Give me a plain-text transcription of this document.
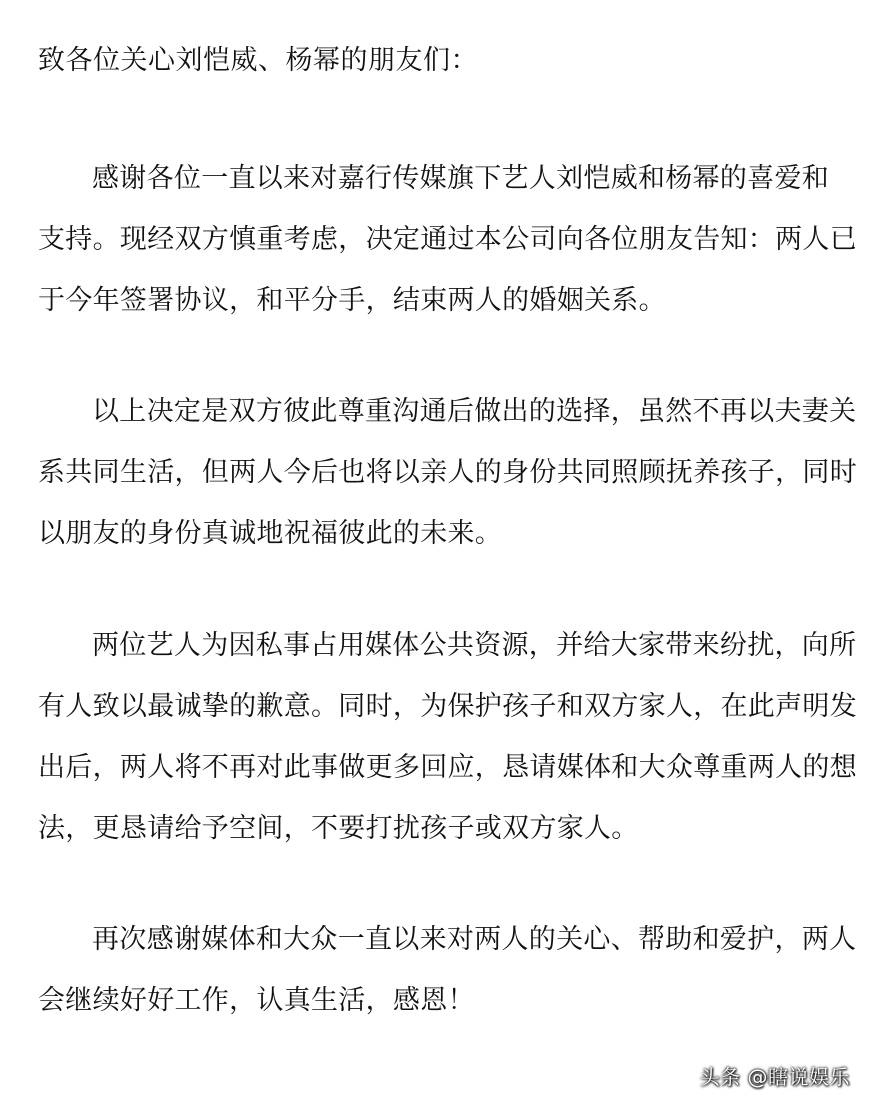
致各位关心刘恺威、杨幂的朋友们：
感谢各位一直以来对嘉行传媒旗下艺人刘恺威和杨幂的喜爱和
支持。现经双方慎重考虑，决定通过本公司向各位朋友告知：两人已
于今年签署协议，和平分手，结束两人的婚姻关系。
以上决定是双方彼此尊重沟通后做出的选择，虽然不再以夫妻关
系共同生活，但两人今后也将以亲人的身份共同照顾抚养孩子，同时
以朋友的身份真诚地祝福彼此的未来。
两位艺人为因私事占用媒体公共资源，并给大家带来纷扰，向所
有人致以最诚挚的歉意。同时，为保护孩子和双方家人，在此声明发
出后，两人将不再对此事做更多回应，恳请媒体和大众尊重两人的想
法，更恳请给予空间，不要打扰孩子或双方家人。
再次感谢媒体和大众一直以来对两人的关心、帮助和爱护，两人
会继续好好工作，认真生活，感恩！
头条 @瞎说娱乐
